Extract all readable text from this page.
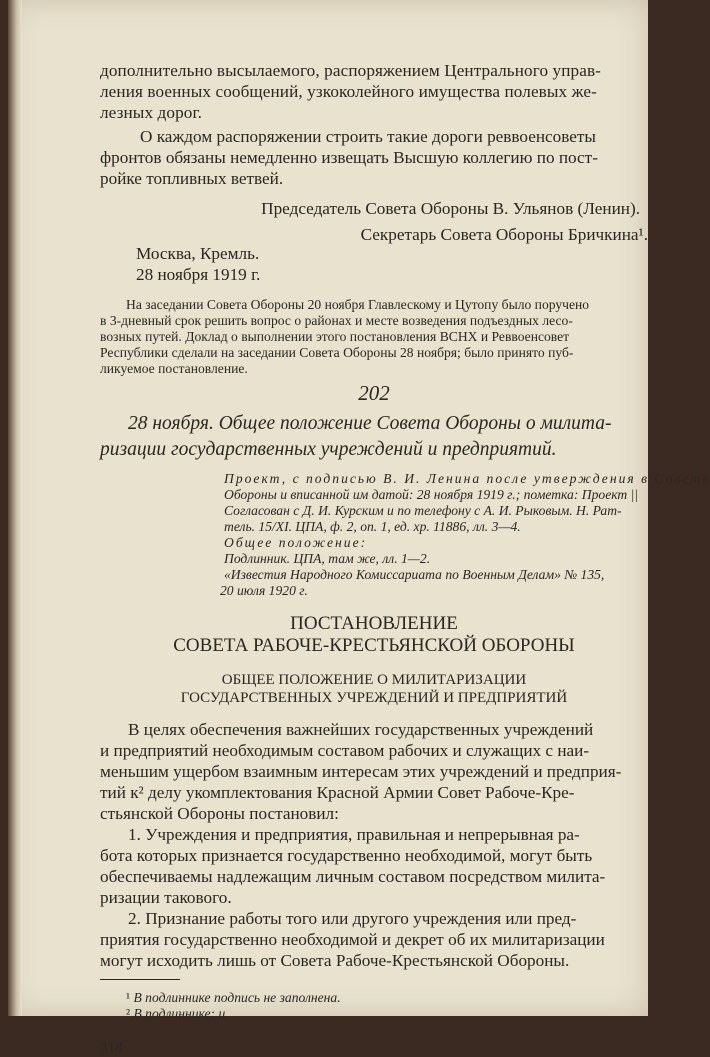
дополнительно высылаемого, распоряжением Центрального управ-
ления военных сообщений, узкоколейного имущества полевых же-
лезных дорог.
О каждом распоряжении строить такие дороги реввоенсоветы
фронтов обязаны немедленно извещать Высшую коллегию по пост-
ройке топливных ветвей.
Председатель Совета Обороны В. Ульянов (Ленин).
Секретарь Совета Обороны Бричкина¹.
Москва, Кремль.
28 ноября 1919 г.
На заседании Совета Обороны 20 ноября Главлескому и Цутопу было поручено
в 3-дневный срок решить вопрос о районах и месте возведения подъездных лесо-
возных путей. Доклад о выполнении этого постановления ВСНХ и Реввоенсовет
Республики сделали на заседании Совета Обороны 28 ноября; было принято пуб-
ликуемое постановление.
202
28 ноября. Общее положение Совета Обороны о милита-
ризации государственных учреждений и предприятий.
Проект, с подписью В. И. Ленина после утверждения в Совете
Обороны и вписанной им датой: 28 ноября 1919 г.; пометка: Проект ||
Согласован с Д. И. Курским и по телефону с А. И. Рыковым. Н. Рат-
тель. 15/XI. ЦПА, ф. 2, оп. 1, ед. хр. 11886, лл. 3—4.
Общее положение:
Подлинник. ЦПА, там же, лл. 1—2.
«Известия Народного Комиссариата по Военным Делам» № 135,
20 июля 1920 г.
ПОСТАНОВЛЕНИЕ
СОВЕТА РАБОЧЕ-КРЕСТЬЯНСКОЙ ОБОРОНЫ
ОБЩЕЕ ПОЛОЖЕНИЕ О МИЛИТАРИЗАЦИИ
ГОСУДАРСТВЕННЫХ УЧРЕЖДЕНИЙ И ПРЕДПРИЯТИЙ
В целях обеспечения важнейших государственных учреждений
и предприятий необходимым составом рабочих и служащих с наи-
меньшим ущербом взаимным интересам этих учреждений и предприя-
тий к² делу укомплектования Красной Армии Совет Рабоче-Кре-
стьянской Обороны постановил:
1. Учреждения и предприятия, правильная и непрерывная ра-
бота которых признается государственно необходимой, могут быть
обеспечиваемы надлежащим личным составом посредством милита-
ризации такового.
2. Признание работы того или другого учреждения или пред-
приятия государственно необходимой и декрет об их милитаризации
могут исходить лишь от Совета Рабоче-Крестьянской Обороны.
¹ В подлиннике подпись не заполнена.
² В подлиннике: и.
318
